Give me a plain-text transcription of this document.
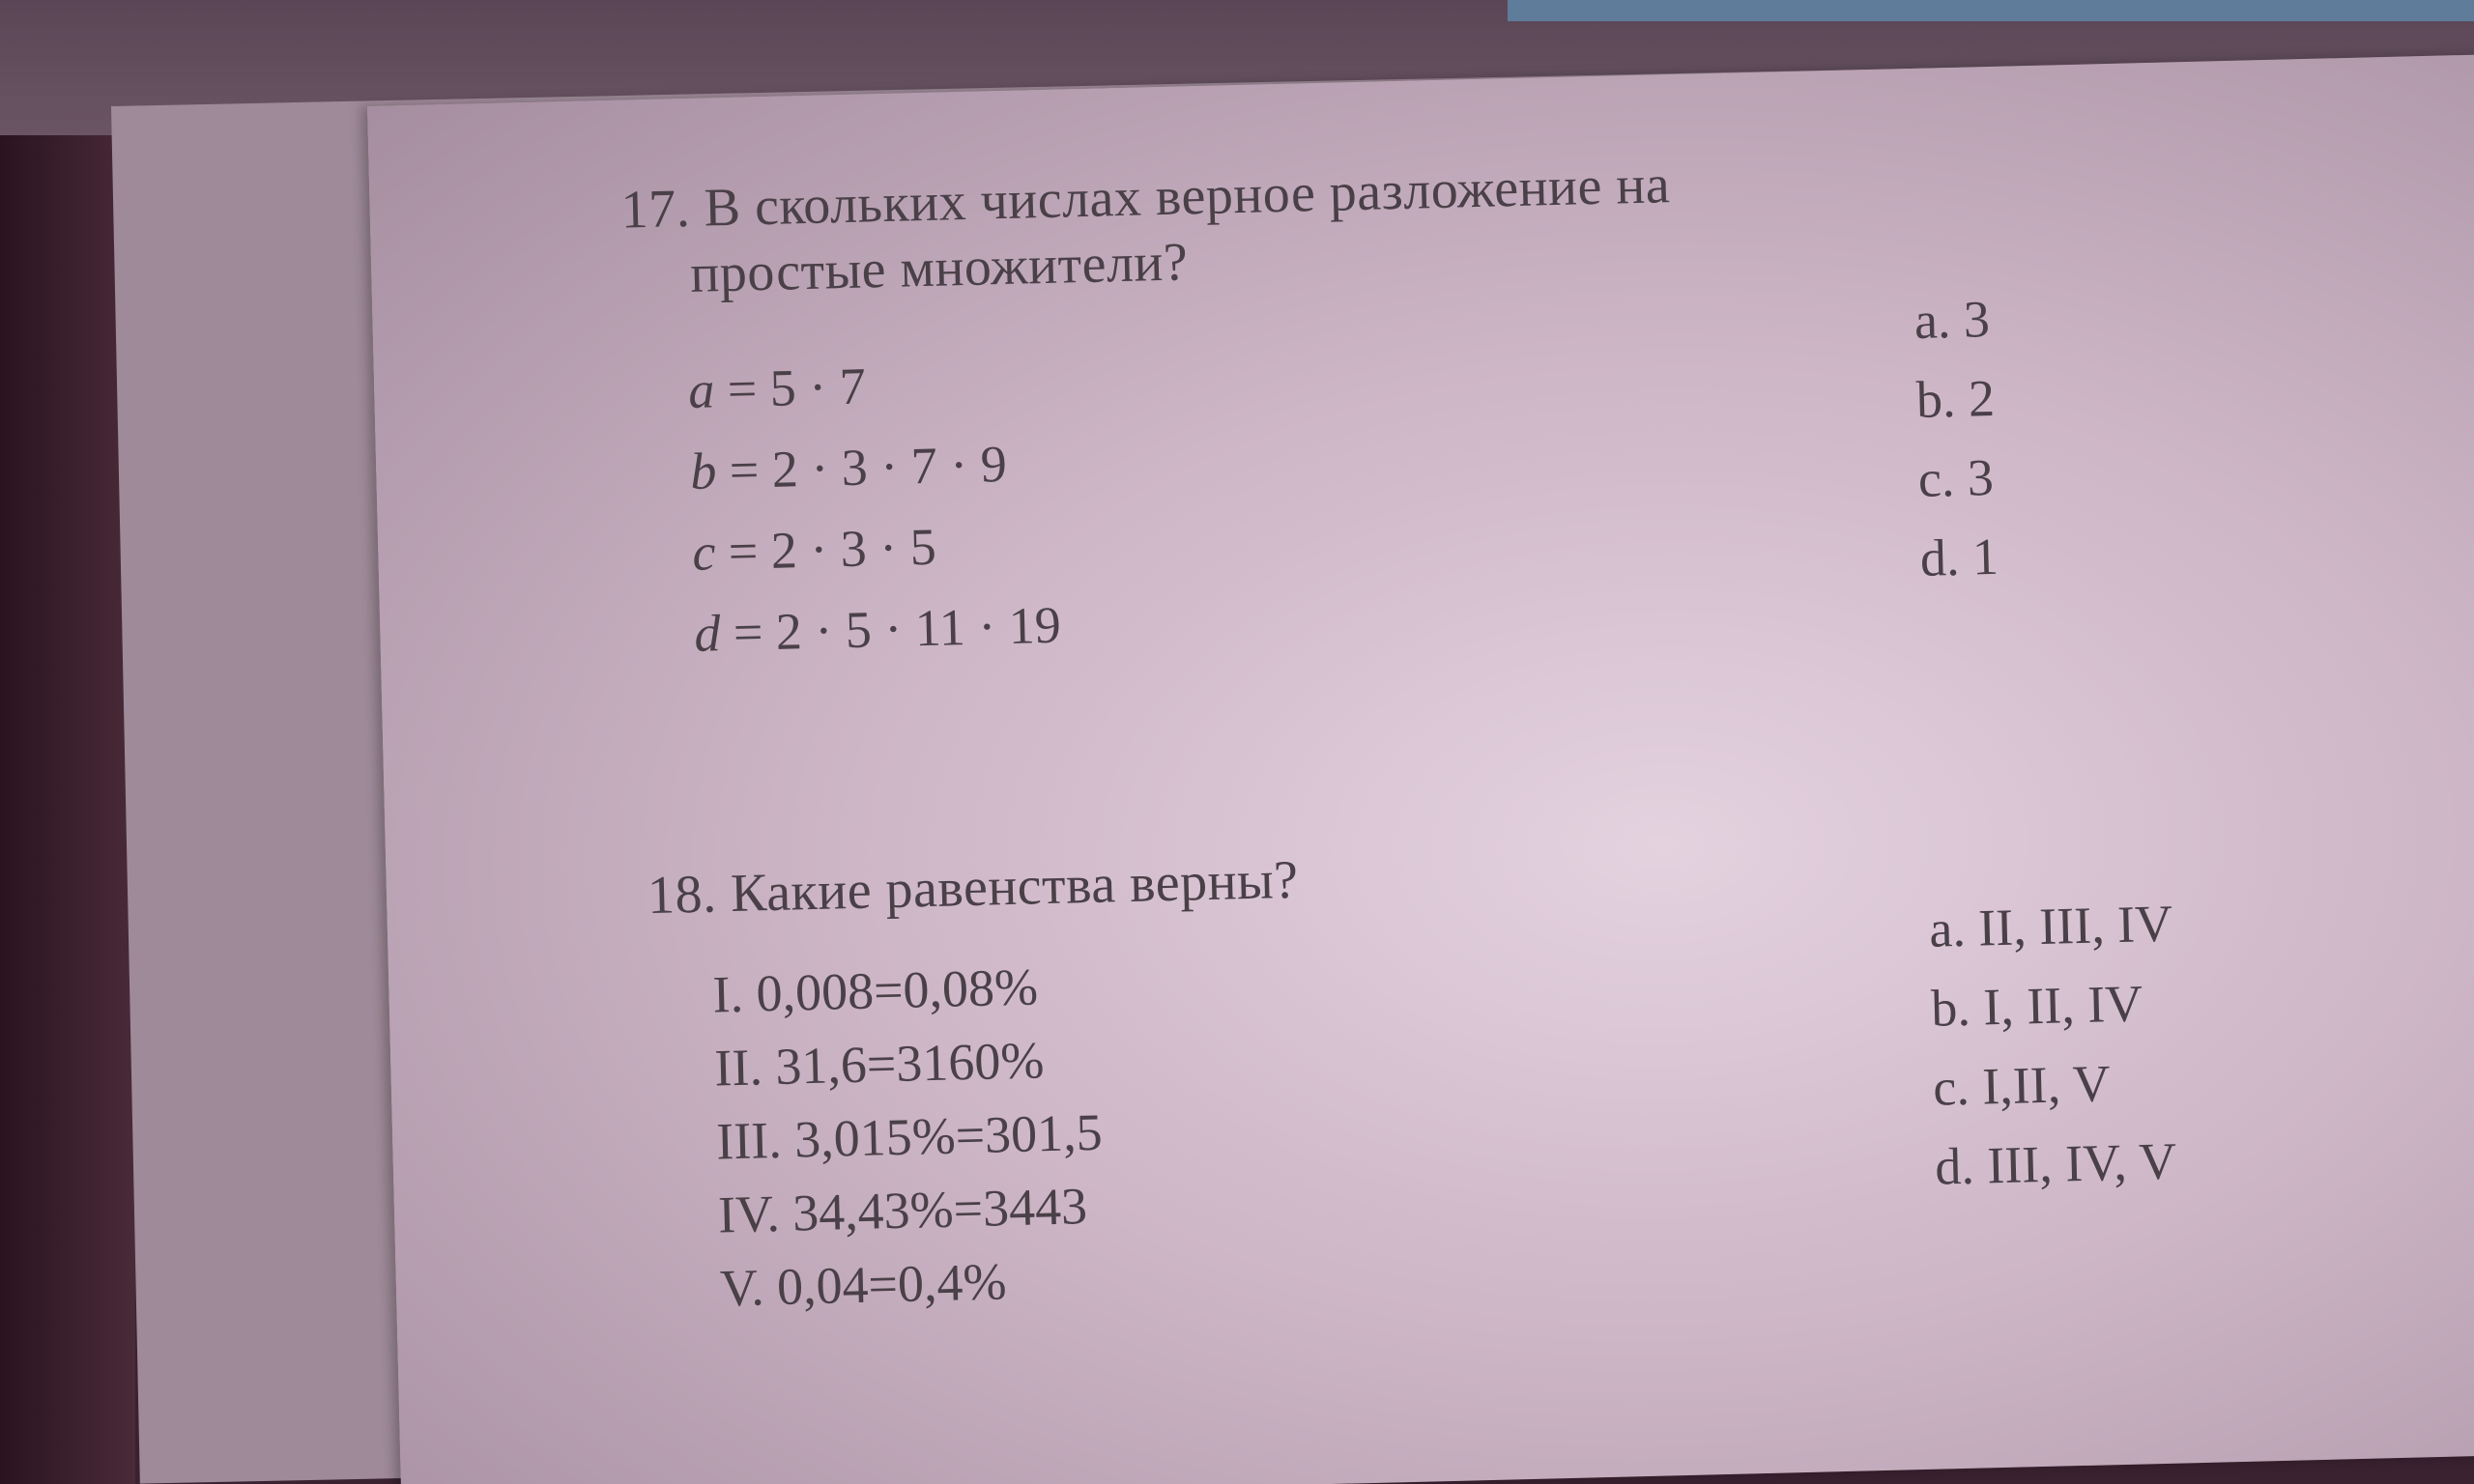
17. В скольких числах верное разложение на
простые множители?
a = 5 · 7
b = 2 · 3 · 7 · 9
c = 2 · 3 · 5
d = 2 · 5 · 11 · 19
a. 3
b. 2
c. 3
d. 1
18. Какие равенства верны?
I. 0,008=0,08%
II. 31,6=3160%
III. 3,015%=301,5
IV. 34,43%=3443
V. 0,04=0,4%
a. II, III, IV
b. I, II, IV
c. I,II, V
d. III, IV, V
